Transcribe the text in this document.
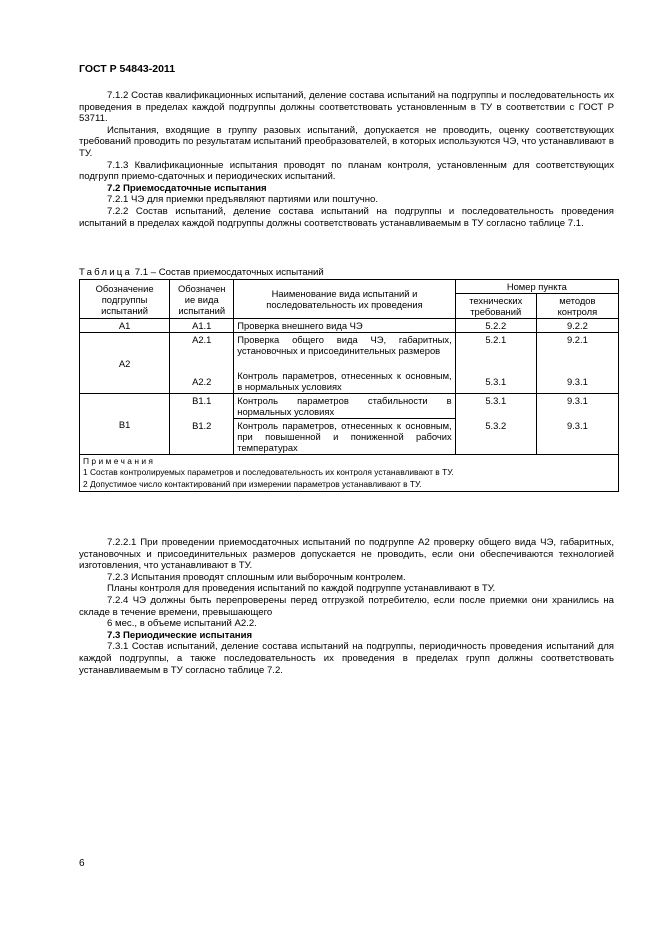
ГОСТ Р 54843-2011

7.1.2 Состав квалификационных испытаний, деление состава испытаний на подгруппы и последовательность их проведения в пределах каждой подгруппы должны соответствовать установленным в ТУ в соответствии с ГОСТ Р 53711.

Испытания, входящие в группу разовых испытаний, допускается не проводить, оценку соответствующих требований проводить по результатам испытаний преобразователей, в которых используются ЧЭ, что устанавливают в ТУ.

7.1.3 Квалификационные испытания проводят по планам контроля, установленным для соответствующих подгрупп приемо-сдаточных и периодических испытаний.

7.2 Приемосдаточные испытания

7.2.1 ЧЭ для приемки предъявляют партиями или поштучно.

7.2.2 Состав испытаний, деление состава испытаний на подгруппы и последовательность проведения испытаний в пределах каждой подгруппы должны соответствовать устанавливаемым в ТУ согласно таблице 7.1.

Таблица 7.1 – Состав приемосдаточных испытаний
Обозначение подгруппы испытаний	Обозначен ие вида испытаний	Наименование вида испытаний и последовательность их проведения	Номер пункта	
			технических требований	методов контроля
А1	А1.1	Проверка внешнего вида ЧЭ	5.2.2	9.2.2
А2	А2.1	Проверка общего вида ЧЭ, габаритных, установочных и присоединительных размеров	5.2.1	9.2.1
	А2.2	Контроль параметров, отнесенных к основным, в нормальных условиях	5.3.1	9.3.1
В1	В1.1	Контроль параметров стабильности в нормальных условиях	5.3.1	9.3.1
	В1.2	Контроль параметров, отнесенных к основным, при повышенной и пониженной рабочих температурах	5.3.2	9.3.1

Примечания
1 Состав контролируемых параметров и последовательность их контроля устанавливают в ТУ.
2 Допустимое число контактирований при измерении параметров устанавливают в ТУ.				

7.2.2.1 При проведении приемосдаточных испытаний по подгруппе А2 проверку общего вида ЧЭ, габаритных, установочных и присоединительных размеров допускается не проводить, если они обеспечиваются технологией изготовления, что устанавливают в ТУ.

7.2.3 Испытания проводят сплошным или выборочным контролем.

Планы контроля для проведения испытаний по каждой подгруппе устанавливают в ТУ.

7.2.4 ЧЭ должны быть перепроверены перед отгрузкой потребителю, если после приемки они хранились на складе в течение времени, превышающего

6 мес., в объеме испытаний А2.2.

7.3 Периодические испытания

7.3.1 Состав испытаний, деление состава испытаний на подгруппы, периодичность проведения испытаний для каждой подгруппы, а также последовательность их проведения в пределах групп должны соответствовать устанавливаемым в ТУ согласно таблице 7.2.

6
